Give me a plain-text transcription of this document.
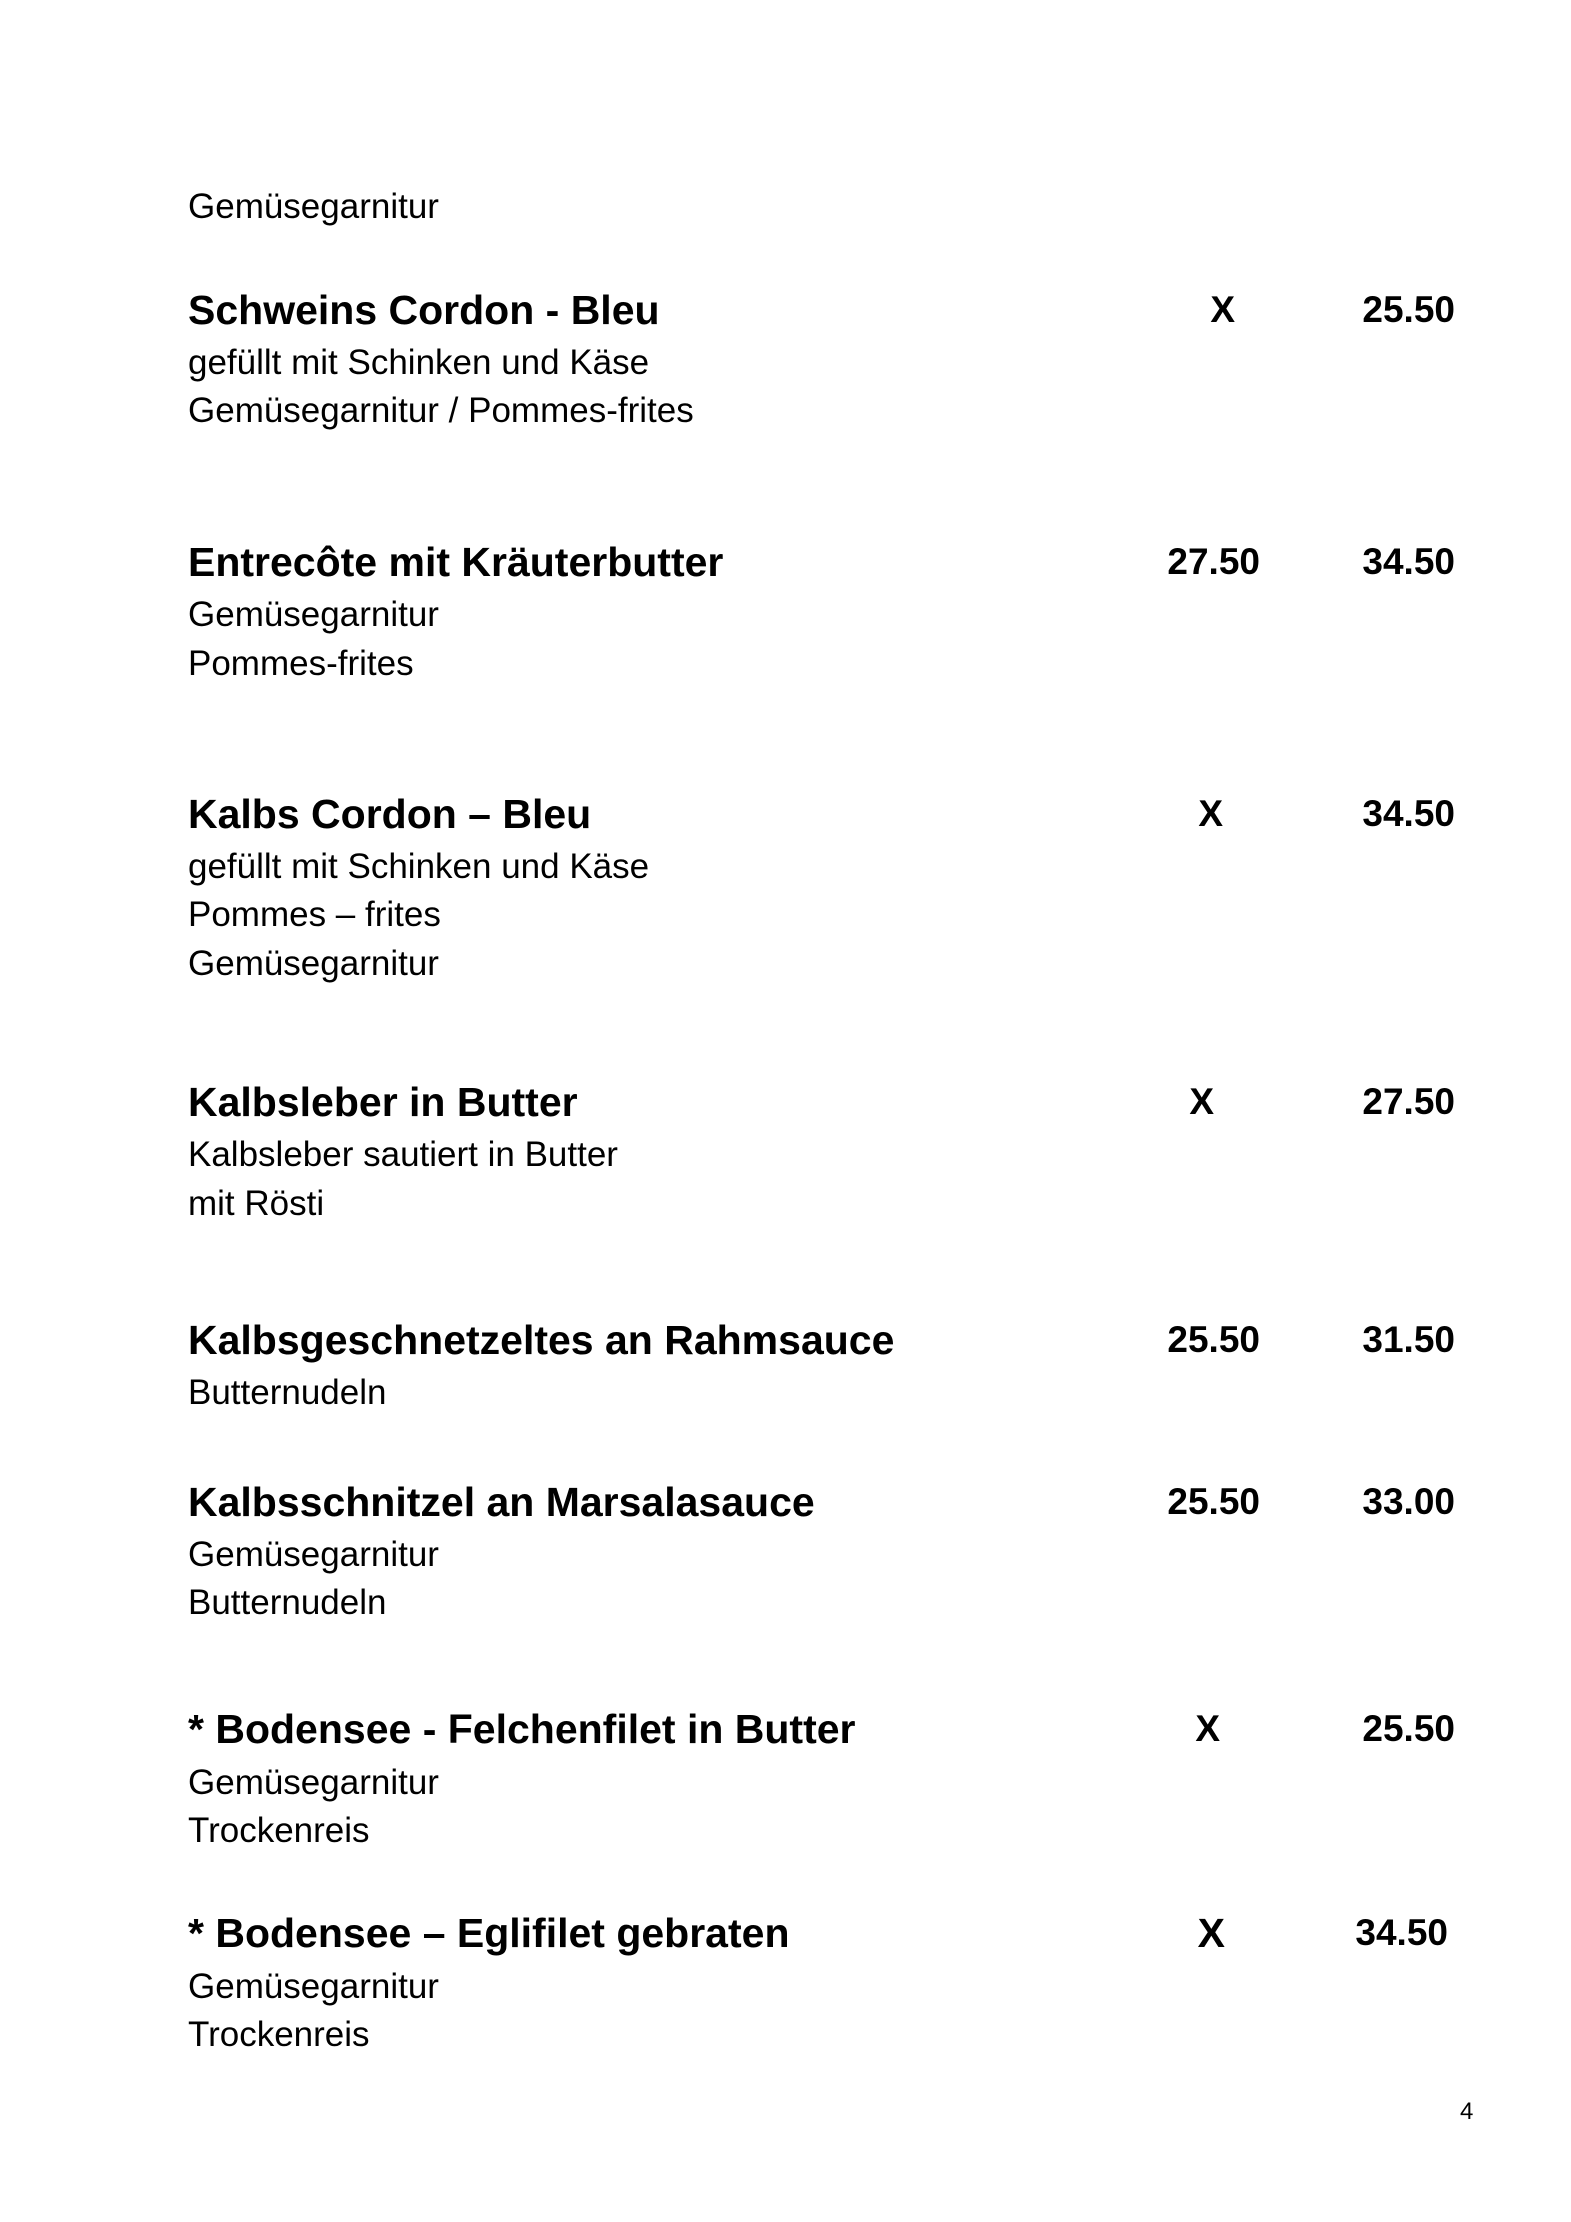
Gemüsegarnitur
Schweins Cordon - Bleu	X	25.50
gefüllt mit Schinken und Käse
Gemüsegarnitur / Pommes-frites
Entrecôte mit Kräuterbutter	27.50	34.50
Gemüsegarnitur
Pommes-frites
Kalbs Cordon – Bleu	X	34.50
gefüllt mit Schinken und Käse
Pommes – frites
Gemüsegarnitur
Kalbsleber in Butter	X	27.50
Kalbsleber sautiert in Butter
mit Rösti
Kalbsgeschnetzeltes an Rahmsauce	25.50	31.50
Butternudeln
Kalbsschnitzel an Marsalasauce	25.50	33.00
Gemüsegarnitur
Butternudeln
* Bodensee - Felchenfilet in Butter	X	25.50
Gemüsegarnitur
Trockenreis
* Bodensee – Eglifilet gebraten	X	34.50
Gemüsegarnitur
Trockenreis
4
